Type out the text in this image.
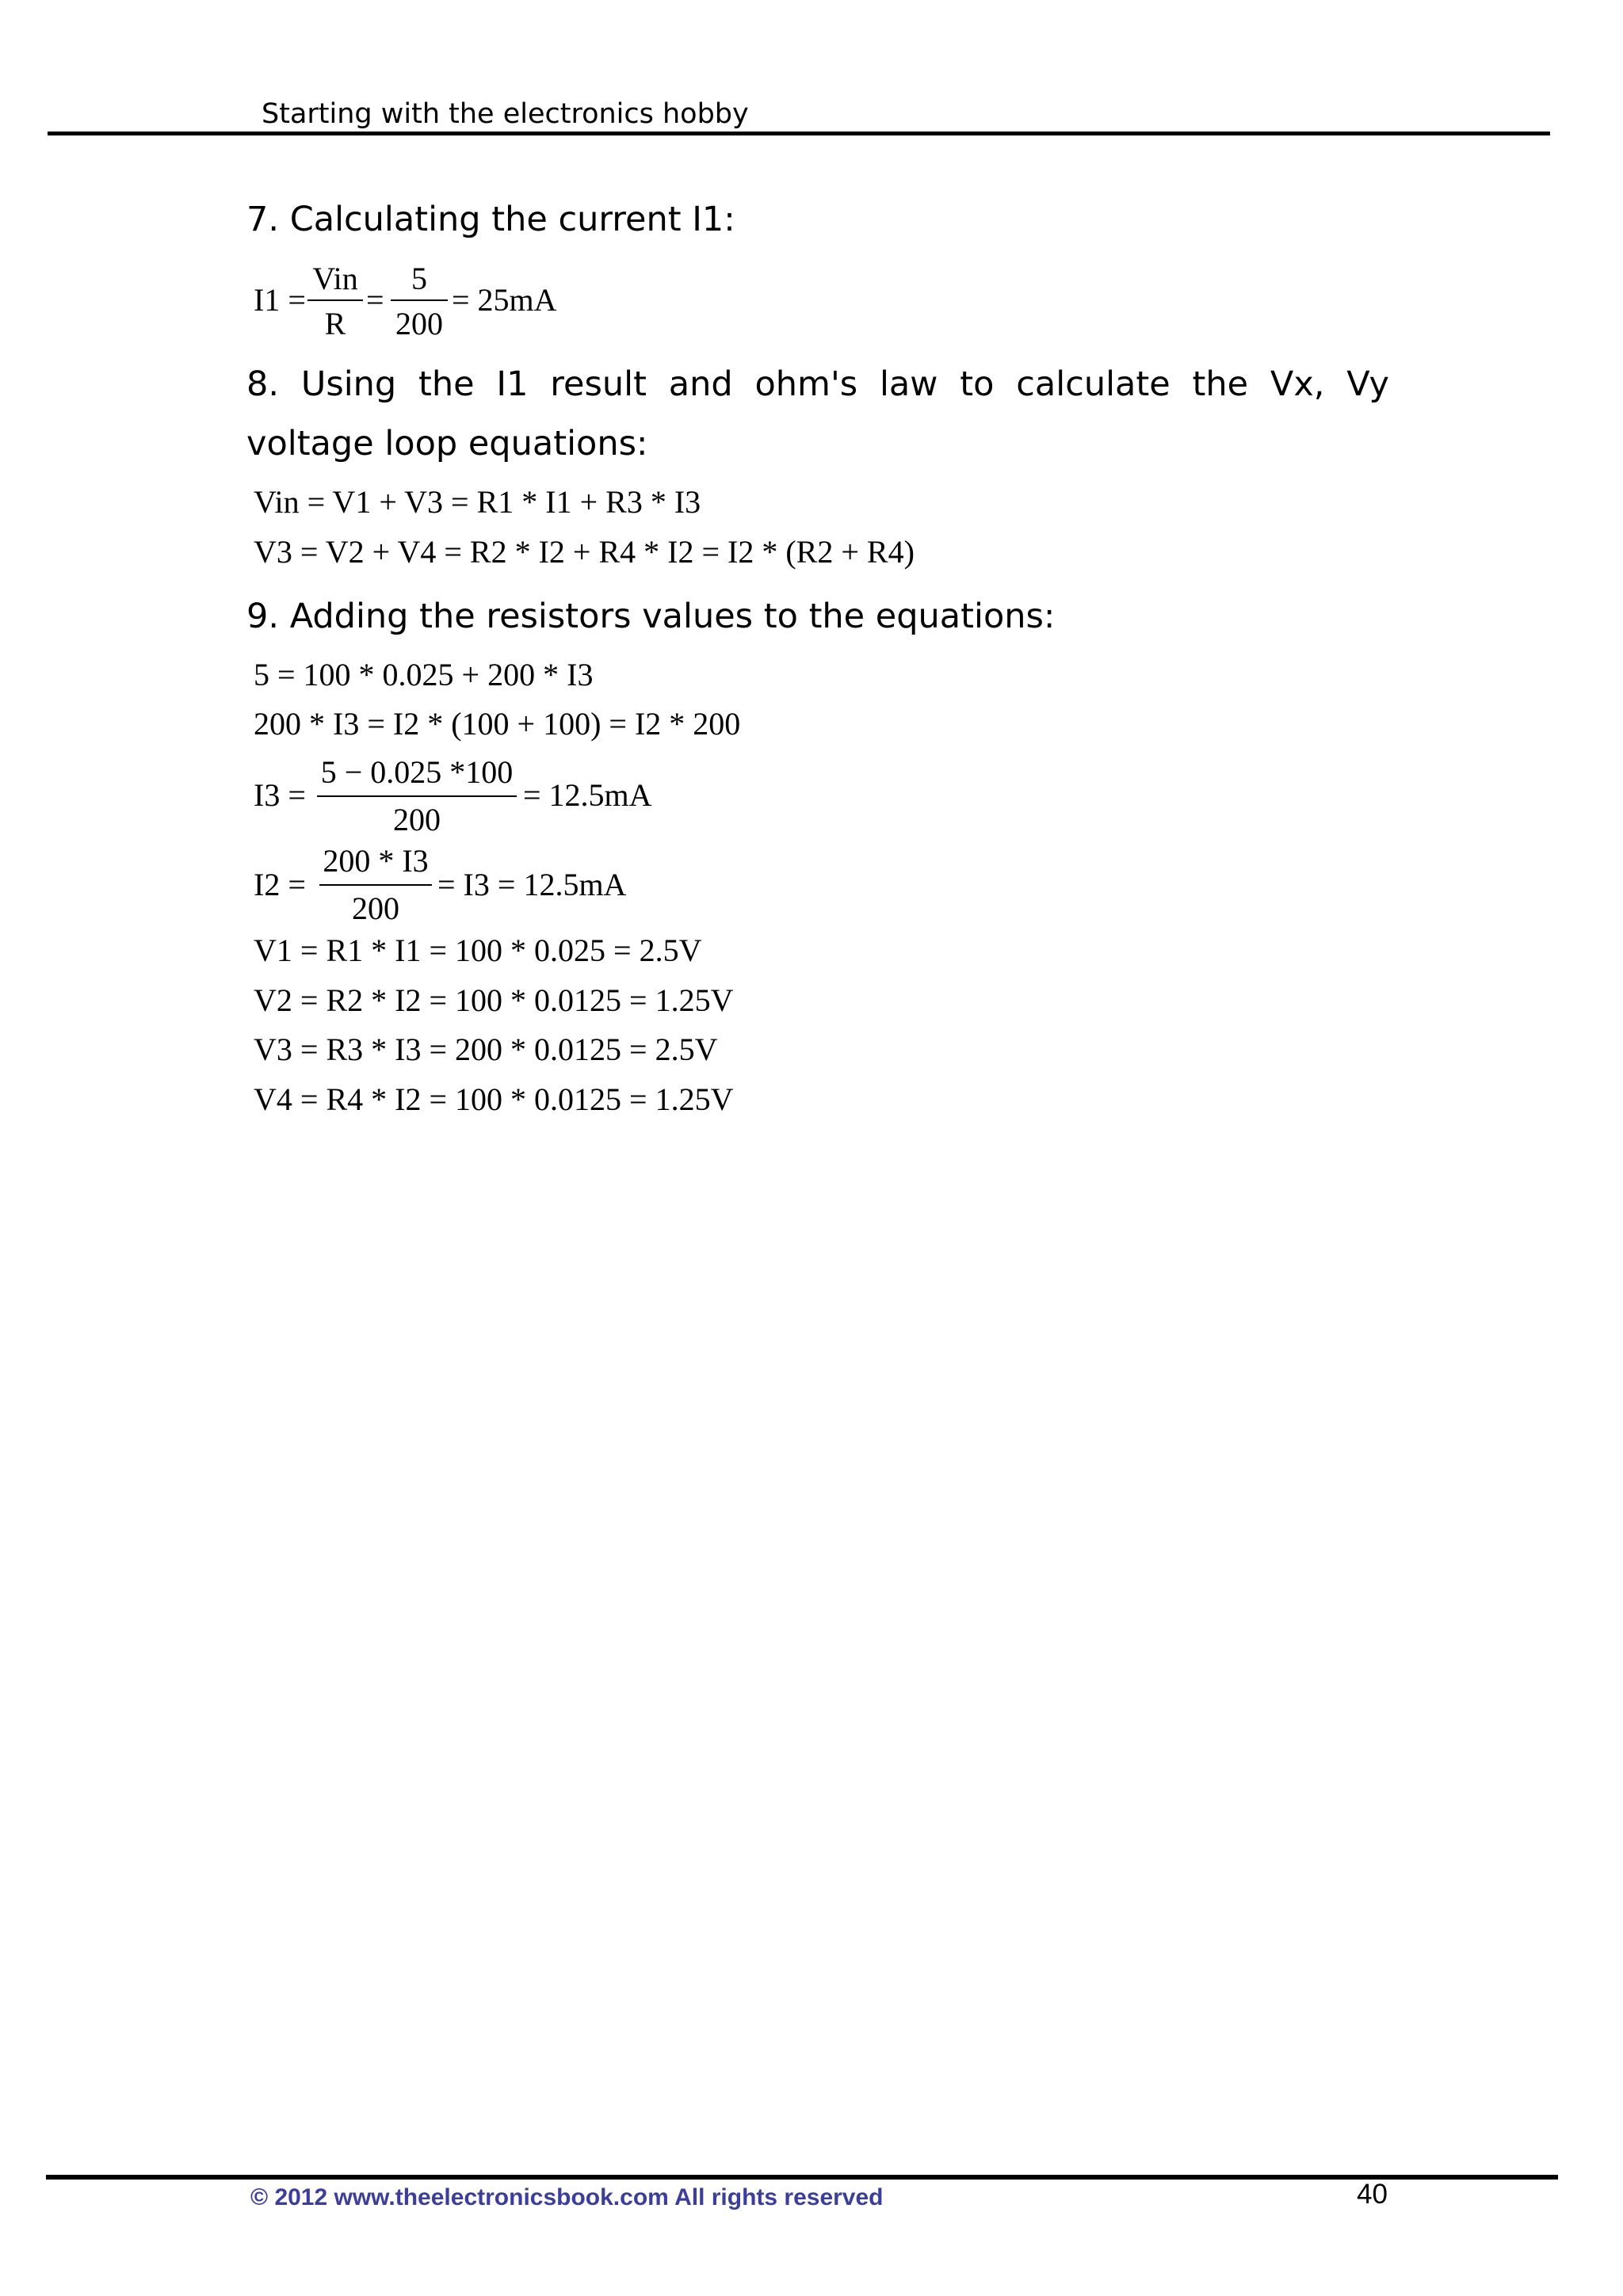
Starting with the electronics hobby
7. Calculating the current I1:
I1 =
Vin
R
=
5
200
= 25mA
8. Using the I1 result and ohm's law to calculate the Vx, Vy voltage loop equations:
Vin = V1 + V3 = R1 * I1 + R3 * I3
V3 = V2 + V4 = R2 * I2 + R4 * I2 = I2 * (R2 + R4)
9. Adding the resistors values to the equations:
5 = 100 * 0.025 + 200 * I3
200 * I3 = I2 * (100 + 100) = I2 * 200
I3 =
5 − 0.025 *100
200
= 12.5mA
I2 =
200 * I3
200
= I3 = 12.5mA
V1 = R1 * I1 = 100 * 0.025 = 2.5V
V2 = R2 * I2 = 100 * 0.0125 = 1.25V
V3 = R3 * I3 = 200 * 0.0125 = 2.5V
V4 = R4 * I2 = 100 * 0.0125 = 1.25V
© 2012 www.theelectronicsbook.com All rights reserved	40
